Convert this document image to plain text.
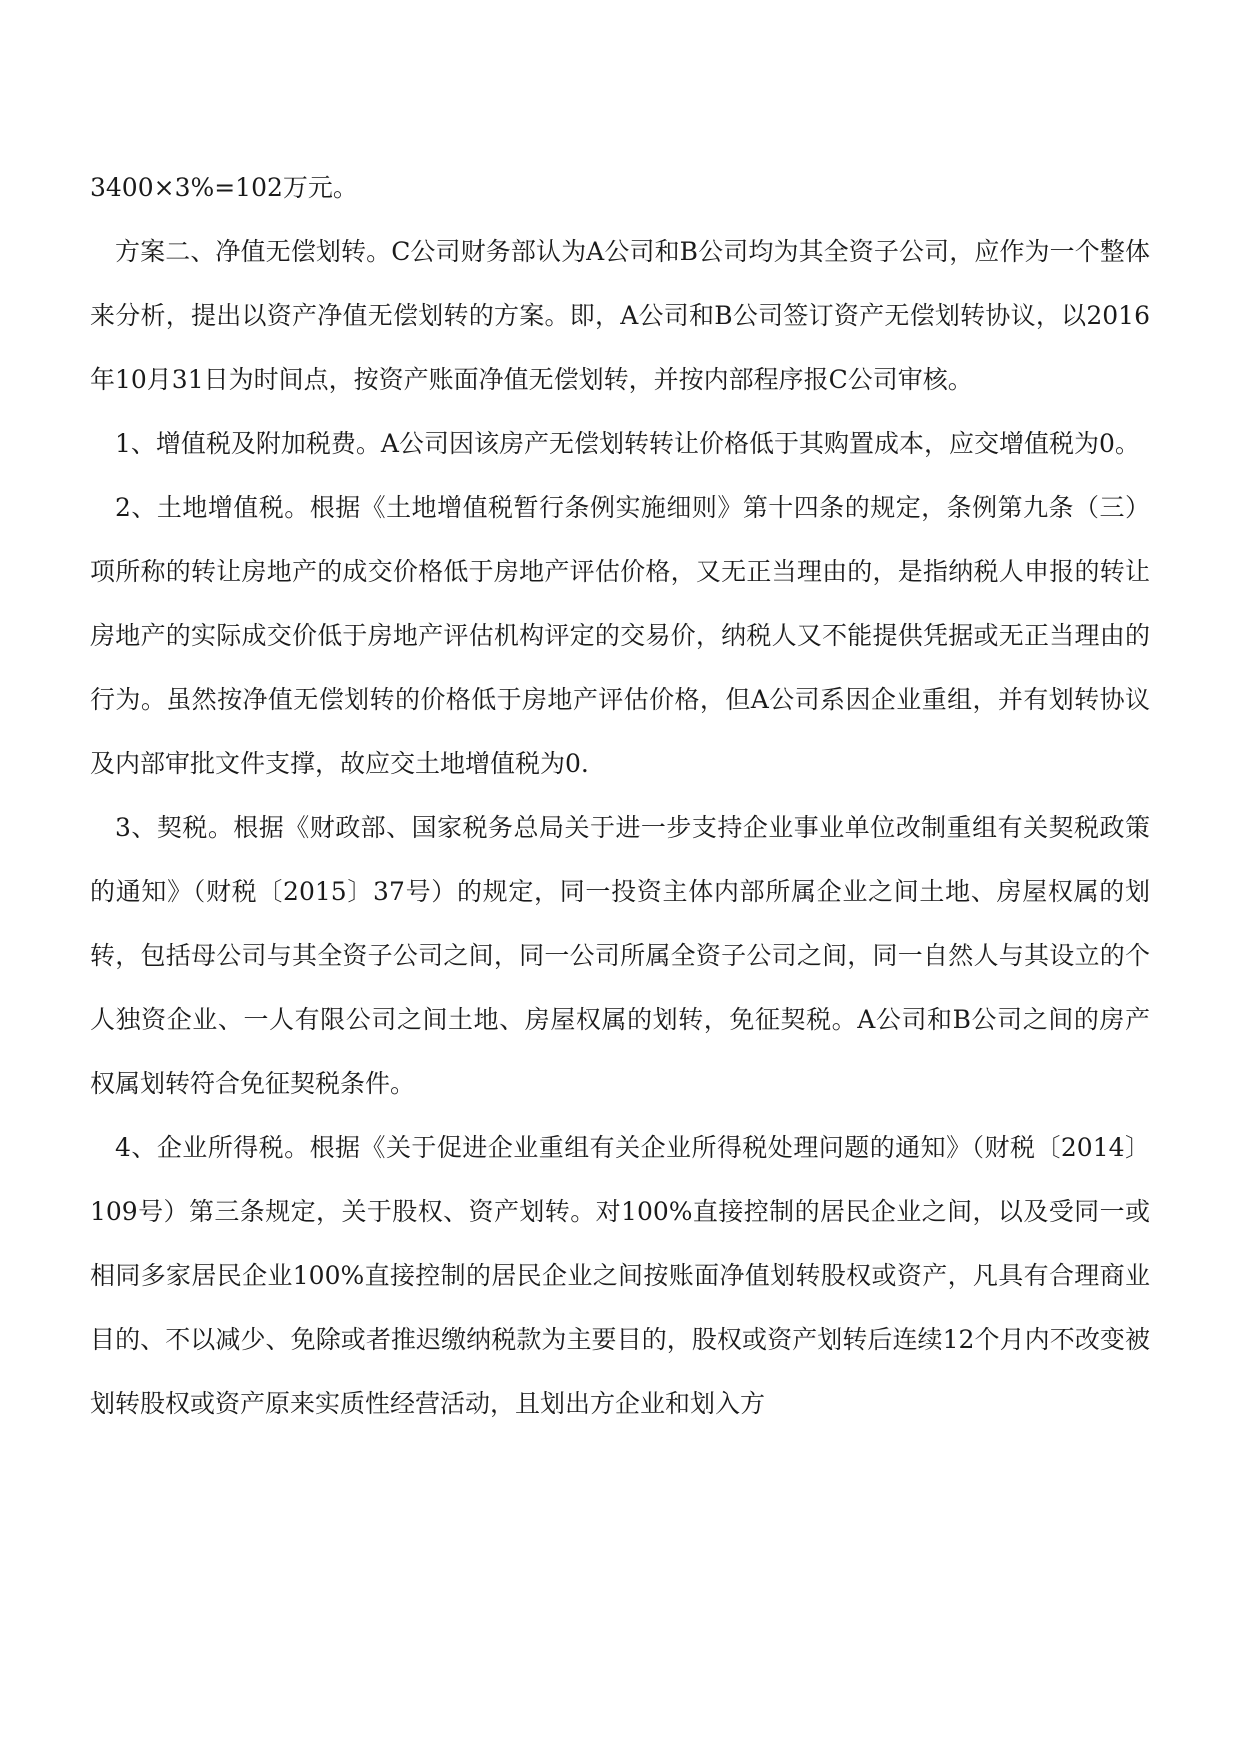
3400×3%=102万元。

方案二、净值无偿划转。C公司财务部认为A公司和B公司均为其全资子公司，应作为一个整体来分析，提出以资产净值无偿划转的方案。即，A公司和B公司签订资产无偿划转协议，以2016年10月31日为时间点，按资产账面净值无偿划转，并按内部程序报C公司审核。

1、增值税及附加税费。A公司因该房产无偿划转转让价格低于其购置成本，应交增值税为0。

2、土地增值税。根据《土地增值税暂行条例实施细则》第十四条的规定，条例第九条（三）项所称的转让房地产的成交价格低于房地产评估价格，又无正当理由的，是指纳税人申报的转让房地产的实际成交价低于房地产评估机构评定的交易价，纳税人又不能提供凭据或无正当理由的行为。虽然按净值无偿划转的价格低于房地产评估价格，但A公司系因企业重组，并有划转协议及内部审批文件支撑，故应交土地增值税为0.

3、契税。根据《财政部、国家税务总局关于进一步支持企业事业单位改制重组有关契税政策的通知》（财税〔2015〕37号）的规定，同一投资主体内部所属企业之间土地、房屋权属的划转，包括母公司与其全资子公司之间，同一公司所属全资子公司之间，同一自然人与其设立的个人独资企业、一人有限公司之间土地、房屋权属的划转，免征契税。A公司和B公司之间的房产权属划转符合免征契税条件。

4、企业所得税。根据《关于促进企业重组有关企业所得税处理问题的通知》（财税〔2014〕109号）第三条规定，关于股权、资产划转。对100%直接控制的居民企业之间，以及受同一或相同多家居民企业100%直接控制的居民企业之间按账面净值划转股权或资产，凡具有合理商业目的、不以减少、免除或者推迟缴纳税款为主要目的，股权或资产划转后连续12个月内不改变被划转股权或资产原来实质性经营活动，且划出方企业和划入方
